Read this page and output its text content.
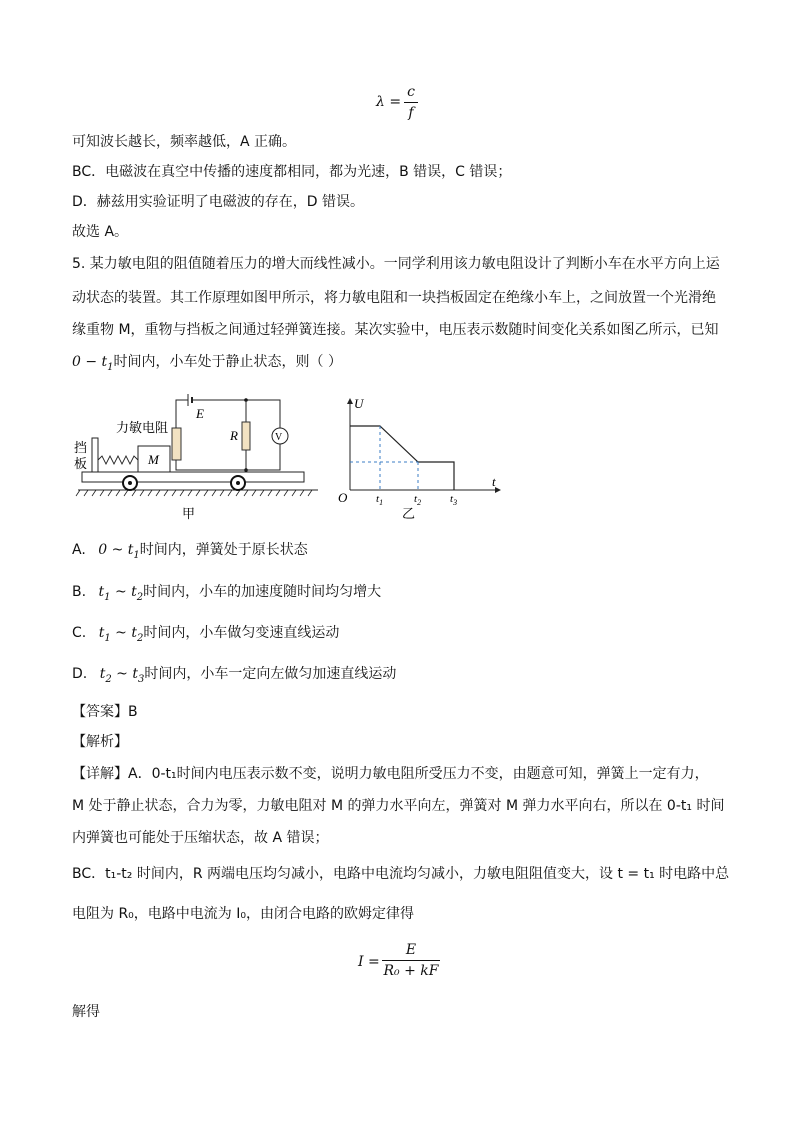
λ =
c
f
可知波长越长，频率越低，A 正确。
BC．电磁波在真空中传播的速度都相同，都为光速，B 错误，C 错误；
D．赫兹用实验证明了电磁波的存在，D 错误。
故选 A。
5. 某力敏电阻的阻值随着压力的增大而线性减小。一同学利用该力敏电阻设计了判断小车在水平方向上运
动状态的装置。其工作原理如图甲所示，将力敏电阻和一块挡板固定在绝缘小车上，之间放置一个光滑绝
缘重物 M，重物与挡板之间通过轻弹簧连接。某次实验中，电压表示数随时间变化关系如图乙所示，已知
$0 - t_1$时间内，小车处于静止状态，则（ ）
力敏电阻
挡
板	M
E
R	V
甲
U
t
O	$t_1$	$t_2$	$t_3$
乙
A. 0 ~ $t_1$时间内，弹簧处于原长状态
B. $t_1$ ~ $t_2$时间内，小车的加速度随时间均匀增大
C. $t_1$ ~ $t_2$时间内，小车做匀变速直线运动
D. $t_2$ ~ $t_3$时间内，小车一定向左做匀加速直线运动
【答案】B
【解析】
【详解】A．0-t₁时间内电压表示数不变，说明力敏电阻所受压力不变，由题意可知，弹簧上一定有力，
M 处于静止状态，合力为零，力敏电阻对 M 的弹力水平向左，弹簧对 M 弹力水平向右，所以在 0-t₁ 时间
内弹簧也可能处于压缩状态，故 A 错误；
BC．t₁-t₂ 时间内，R 两端电压均匀减小，电路中电流均匀减小，力敏电阻阻值变大，设 t = t₁ 时电路中总
电阻为 R₀，电路中电流为 I₀，由闭合电路的欧姆定律得
I =
E
R₀ + kF
解得
